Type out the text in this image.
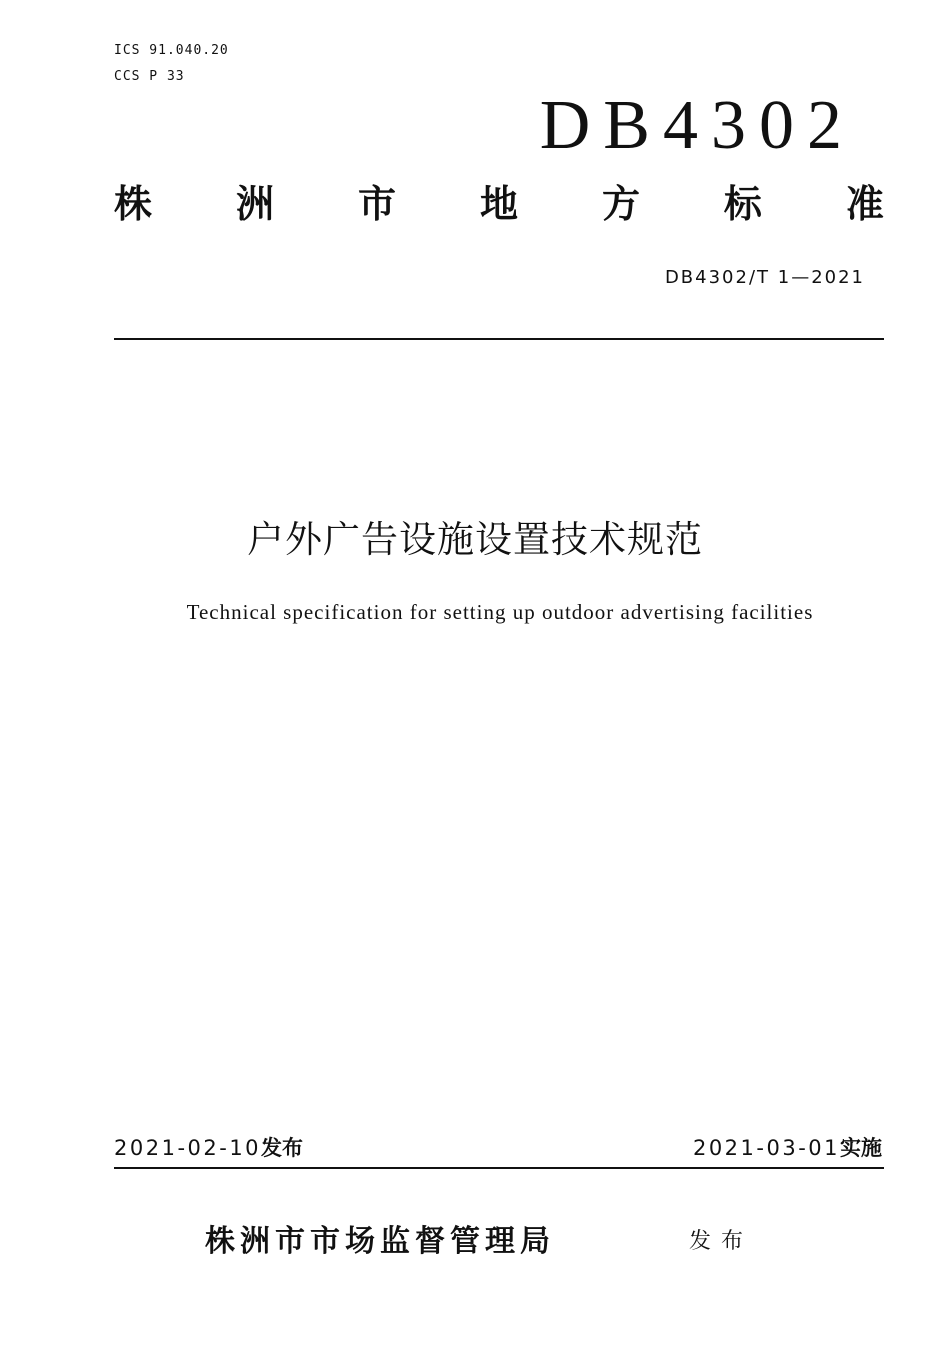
ICS 91.040.20
CCS P 33
DB4302
株 洲 市 地 方 标 准
DB4302/T 1—2021
户外广告设施设置技术规范
Technical specification for setting up outdoor advertising facilities
2021-02-10发布	2021-03-01实施
株洲市市场监督管理局	发布
